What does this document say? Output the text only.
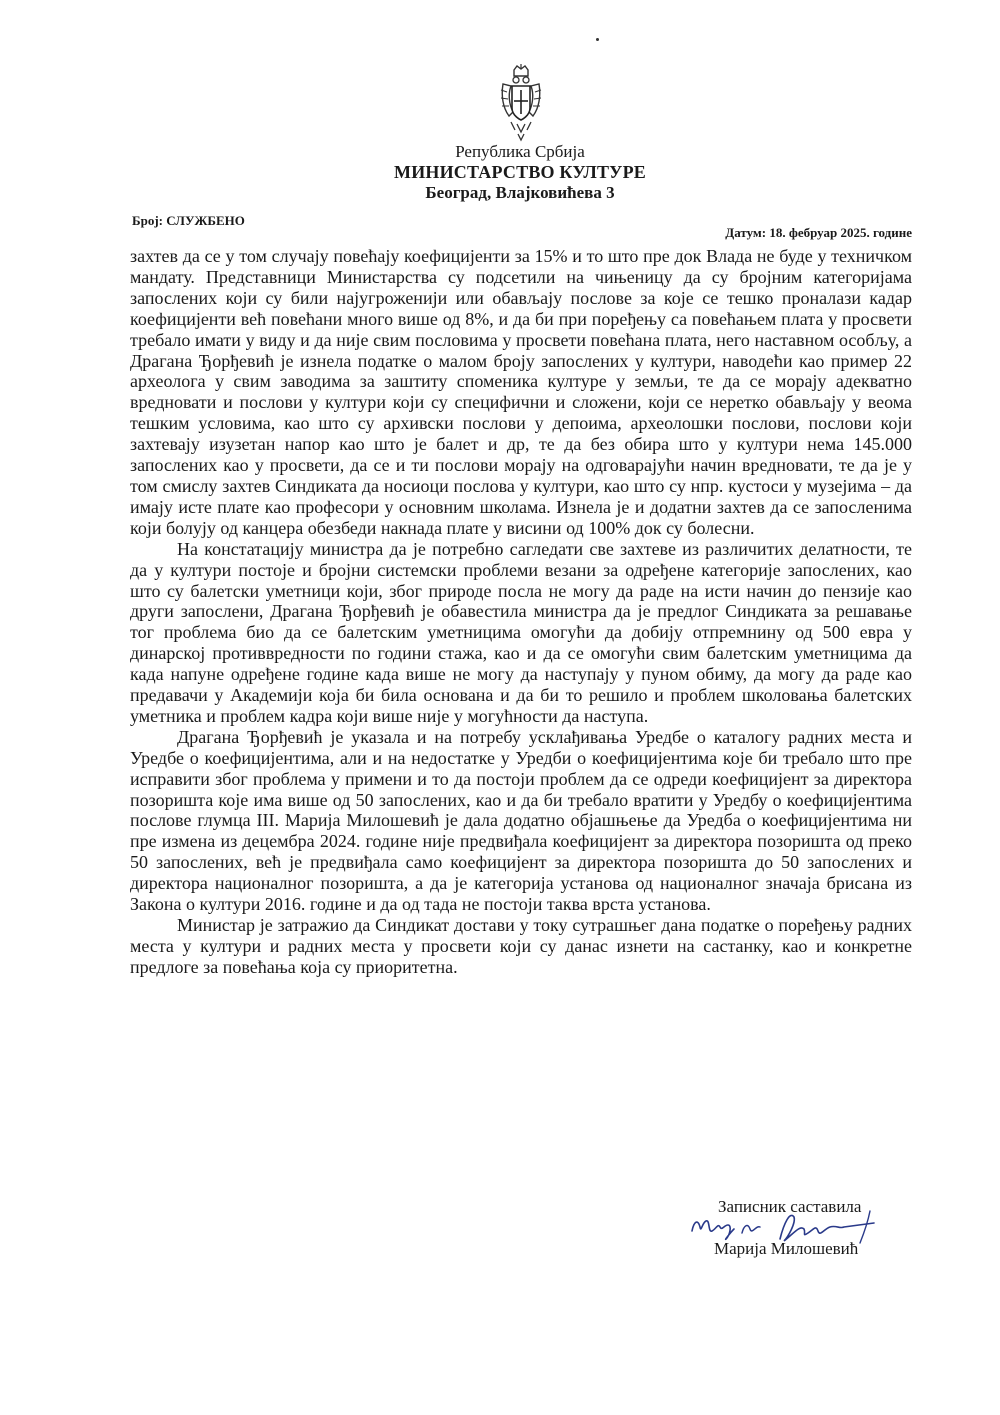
Република Србија
МИНИСТАРСТВО КУЛТУРЕ
Београд, Влајковићева 3
Број: СЛУЖБЕНО
Датум: 18. фебруар 2025. године

захтев да се у том случају повећају коефицијенти за 15% и то што пре док Влада не буде у техничком мандату. Представници Министарства су подсетили на чињеницу да су бројним категоријама запослених који су били најугроженији или обављају послове за које се тешко проналази кадар коефицијенти већ повећани много више од 8%, и да би при поређењу са повећањем плата у просвети требало имати у виду и да није свим пословима у просвети повећана плата, него наставном особљу, а Драгана Ђорђевић је изнела податке о малом броју запослених у култури, наводећи као пример 22 археолога у свим заводима за заштиту споменика културе у земљи, те да се морају адекватно вредновати и послови у култури који су специфични и сложени, који се неретко обављају у веома тешким условима, као што су архивски послови у депоима, археолошки послови, послови који захтевају изузетан напор као што је балет и др, те да без обира што у култури нема 145.000 запослених као у просвети, да се и ти послови морају на одговарајући начин вредновати, те да је у том смислу захтев Синдиката да носиоци послова у култури, као што су нпр. кустоси у музејима – да имају исте плате као професори у основним школама. Изнела је и додатни захтев да се запосленима који болују од канцера обезбеди накнада плате у висини од 100% док су болесни.

На констатацију министра да је потребно сагледати све захтеве из различитих делатности, те да у култури постоје и бројни системски проблеми везани за одређене категорије запослених, као што су балетски уметници који, због природе посла не могу да раде на исти начин до пензије као други запослени, Драгана Ђорђевић је обавестила министра да је предлог Синдиката за решавање тог проблема био да се балетским уметницима омогући да добију отпремнину од 500 евра у динарској противвредности по години стажа, као и да се омогући свим балетским уметницима да када напуне одређене године када више не могу да наступају у пуном обиму, да могу да раде као предавачи у Академији која би била основана и да би то решило и проблем школовања балетских уметника и проблем кадра који више није у могућности да наступа.

Драгана Ђорђевић је указала и на потребу усклађивања Уредбе о каталогу радних места и Уредбе о коефицијентима, али и на недостатке у Уредби о коефицијентима које би требало што пре исправити због проблема у примени и то да постоји проблем да се одреди коефицијент за директора позоришта које има више од 50 запослених, као и да би требало вратити у Уредбу о коефицијентима послове глумца III. Марија Милошевић је дала додатно објашњење да Уредба о коефицијентима ни пре измена из децембра 2024. године није предвиђала коефицијент за директора позоришта од преко 50 запослених, већ је предвиђала само коефицијент за директора позоришта до 50 запослених и директора националног позоришта, а да је категорија установа од националног значаја брисана из Закона о култури 2016. године и да од тада не постоји таква врста установа.

Министар је затражио да Синдикат достави у току сутрашњег дана податке о поређењу радних места у култури и радних места у просвети који су данас изнети на састанку, као и конкретне предлоге за повећања која су приоритетна.

Записник саставила
Марија Милошевић
